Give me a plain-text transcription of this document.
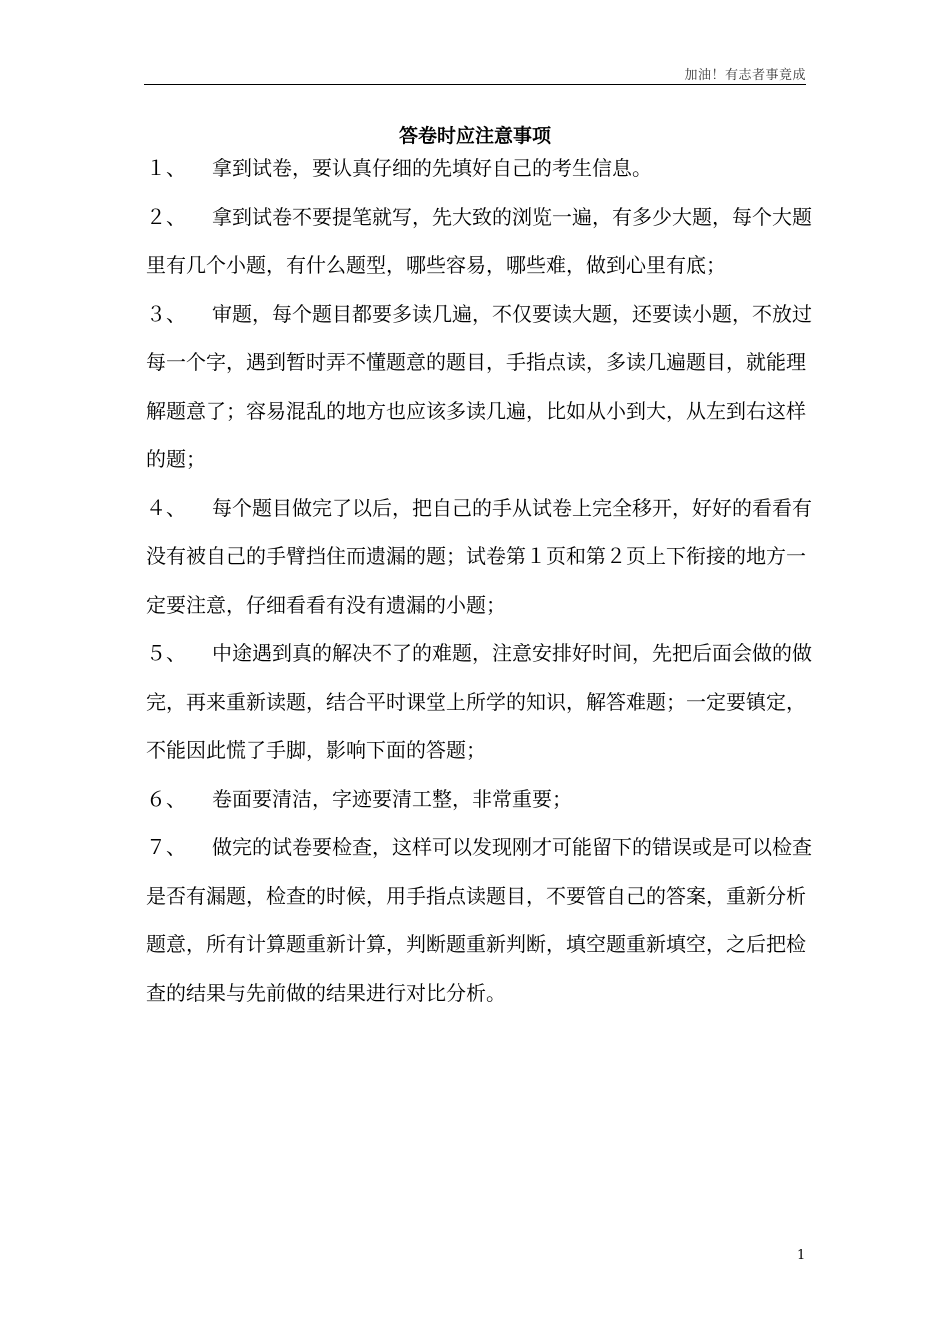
加油！有志者事竟成
答卷时应注意事项

１、 拿到试卷，要认真仔细的先填好自己的考生信息。

２、 拿到试卷不要提笔就写，先大致的浏览一遍，有多少大题，每个大题里有几个小题，有什么题型，哪些容易，哪些难，做到心里有底；

３、 审题，每个题目都要多读几遍，不仅要读大题，还要读小题，不放过每一个字，遇到暂时弄不懂题意的题目，手指点读，多读几遍题目，就能理解题意了；容易混乱的地方也应该多读几遍，比如从小到大，从左到右这样的题；

４、 每个题目做完了以后，把自己的手从试卷上完全移开，好好的看看有没有被自己的手臂挡住而遗漏的题；试卷第１页和第２页上下衔接的地方一定要注意，仔细看看有没有遗漏的小题；

５、 中途遇到真的解决不了的难题，注意安排好时间，先把后面会做的做完，再来重新读题，结合平时课堂上所学的知识，解答难题；一定要镇定，不能因此慌了手脚，影响下面的答题；

６、 卷面要清洁，字迹要清工整，非常重要；

７、 做完的试卷要检查，这样可以发现刚才可能留下的错误或是可以检查是否有漏题，检查的时候，用手指点读题目，不要管自己的答案，重新分析题意，所有计算题重新计算，判断题重新判断，填空题重新填空，之后把检查的结果与先前做的结果进行对比分析。

1
